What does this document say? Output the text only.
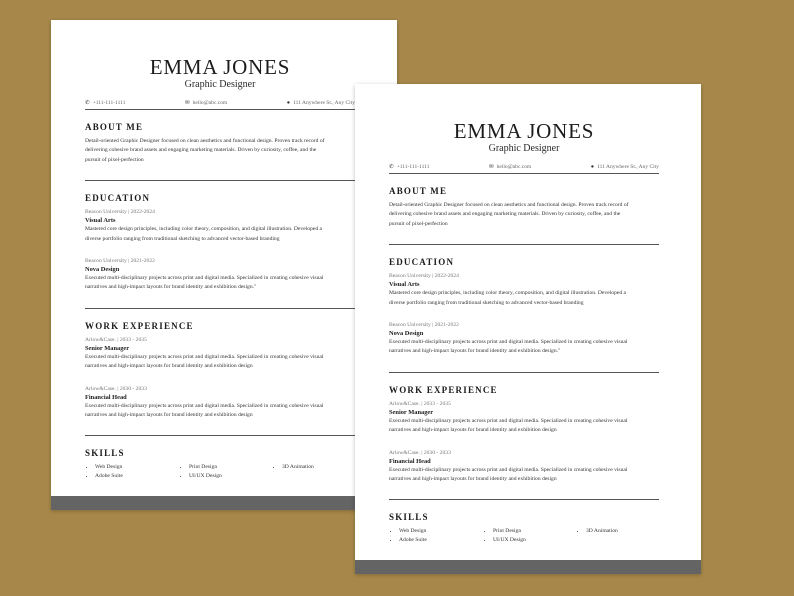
EMMA JONES

Graphic Designer

✆ +111-111-1111	✉ hello@abc.com	● 111 Anywhere St., Any City
ABOUT ME

Detail-oriented Graphic Designer focused on clean aesthetics and functional design. Proven track record of

delivering cohesive brand assets and engaging marketing materials. Driven by curiosity, coffee, and the

pursuit of pixel-perfection

EDUCATION
Beacon University | 2022-2024
Visual Arts

Mastered core design principles, including color theory, composition, and digital illustration. Developed a

diverse portfolio ranging from traditional sketching to advanced vector-based branding

Beacon University | 2021-2022
Nova Design

Executed multi-disciplinary projects across print and digital media. Specialized in creating cohesive visual

narratives and high-impact layouts for brand identity and exhibition design."

WORK EXPERIENCE
Arlow&Case. | 2033 - 2035
Senior Manager

Executed multi-disciplinary projects across print and digital media. Specialized in creating cohesive visual

narratives and high-impact layouts for brand identity and exhibition design

Arlow&Case. | 2030 - 2033
Financial Head

Executed multi-disciplinary projects across print and digital media. Specialized in creating cohesive visual

narratives and high-impact layouts for brand identity and exhibition design

SKILLS
• Web Design
• Adobe Suite
• Print Design
• UI/UX Design
• 3D Animation
EMMA JONES

Graphic Designer

✆ +111-111-1111	✉ hello@abc.com	● 111 Anywhere St., Any City
ABOUT ME

Detail-oriented Graphic Designer focused on clean aesthetics and functional design. Proven track record of

delivering cohesive brand assets and engaging marketing materials. Driven by curiosity, coffee, and the

pursuit of pixel-perfection

EDUCATION
Beacon University | 2022-2024
Visual Arts

Mastered core design principles, including color theory, composition, and digital illustration. Developed a

diverse portfolio ranging from traditional sketching to advanced vector-based branding

Beacon University | 2021-2022
Nova Design

Executed multi-disciplinary projects across print and digital media. Specialized in creating cohesive visual

narratives and high-impact layouts for brand identity and exhibition design."

WORK EXPERIENCE
Arlow&Case. | 2033 - 2035
Senior Manager

Executed multi-disciplinary projects across print and digital media. Specialized in creating cohesive visual

narratives and high-impact layouts for brand identity and exhibition design

Arlow&Case. | 2030 - 2033
Financial Head

Executed multi-disciplinary projects across print and digital media. Specialized in creating cohesive visual

narratives and high-impact layouts for brand identity and exhibition design

SKILLS
• Web Design
• Adobe Suite
• Print Design
• UI/UX Design
• 3D Animation
